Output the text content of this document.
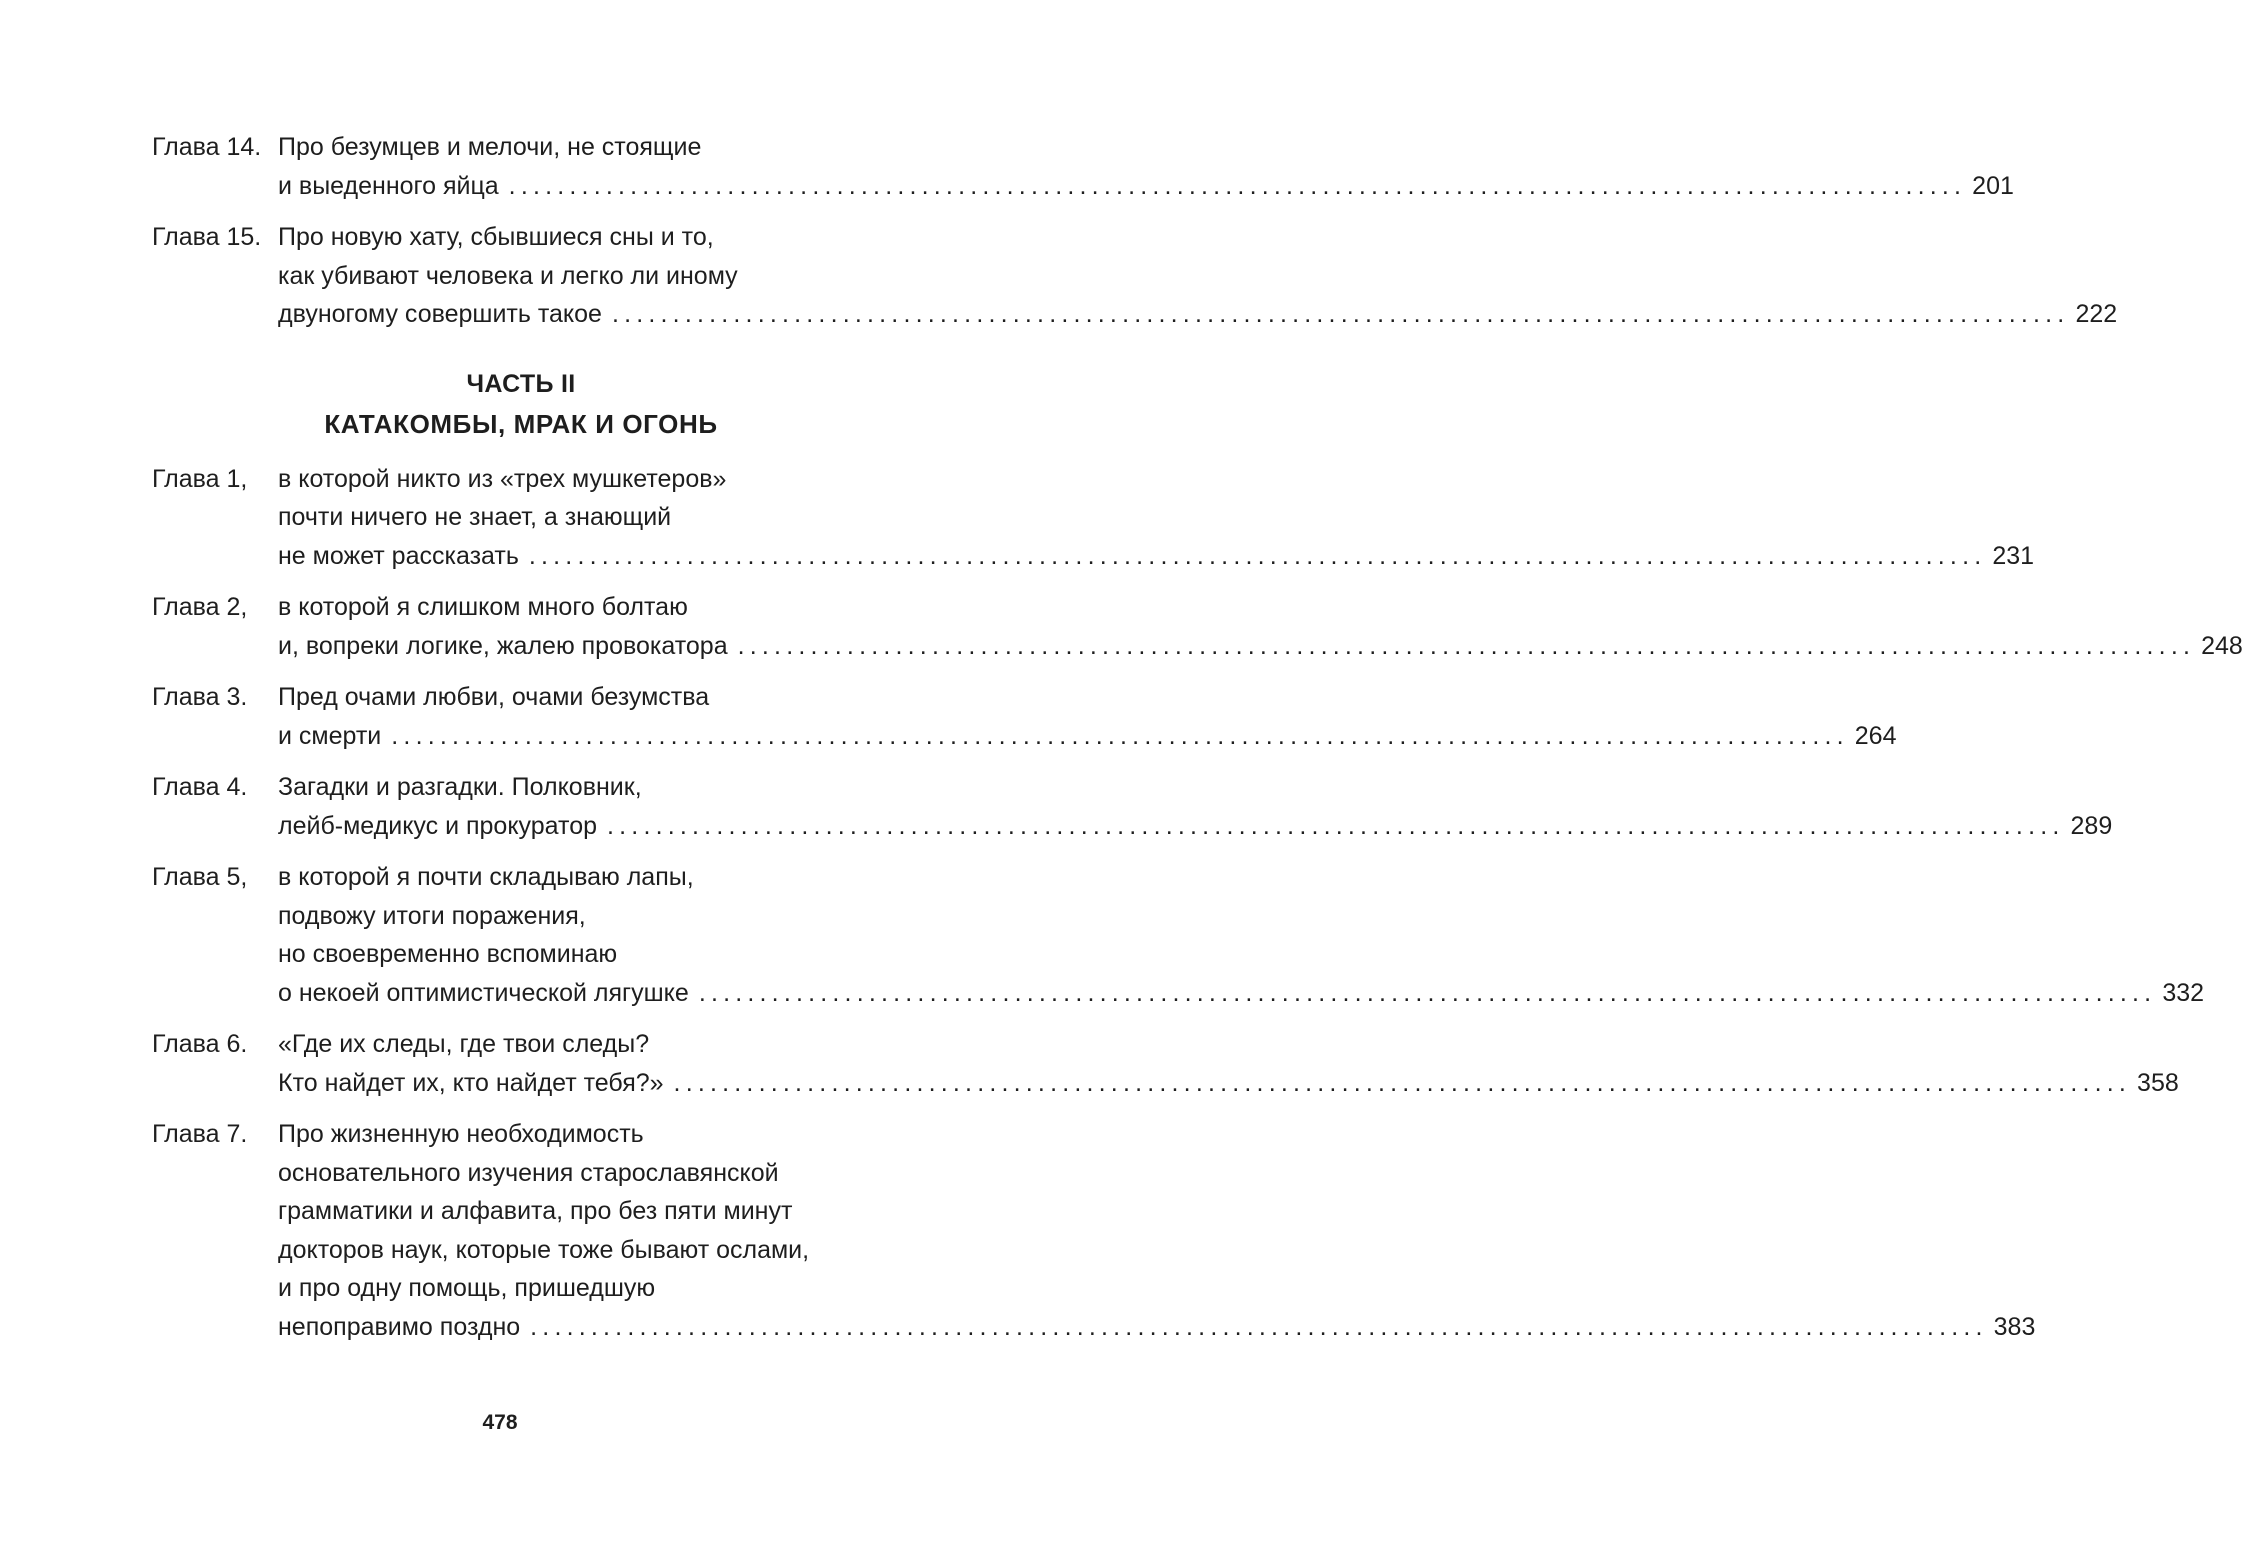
Глава 14. Про безумцев и мелочи, не стоящие
и выеденного яйца ........................................................................................................................ 201
Глава 15. Про новую хату, сбывшиеся сны и то,
как убивают человека и легко ли иному
двуногому совершить такое ........................................................................................................................ 222
ЧАСТЬ II
КАТАКОМБЫ, МРАК И ОГОНЬ
Глава 1,	в которой никто из «трех мушкетеров»
почти ничего не знает, а знающий
не может рассказать ........................................................................................................................ 231
Глава 2,	в которой я слишком много болтаю
и, вопреки логике, жалею провокатора ........................................................................................................................ 248
Глава 3.	Пред очами любви, очами безумства
и смерти ........................................................................................................................ 264
Глава 4.	Загадки и разгадки. Полковник,
лейб-медикус и прокуратор ........................................................................................................................ 289
Глава 5,	в которой я почти складываю лапы,
подвожу итоги поражения,
но своевременно вспоминаю
о некоей оптимистической лягушке ........................................................................................................................ 332
Глава 6.	«Где их следы, где твои следы?
Кто найдет их, кто найдет тебя?» ........................................................................................................................ 358
Глава 7.	Про жизненную необходимость
основательного изучения старославянской
грамматики и алфавита, про без пяти минут
докторов наук, которые тоже бывают ослами,
и про одну помощь, пришедшую
непоправимо поздно ........................................................................................................................ 383
478
